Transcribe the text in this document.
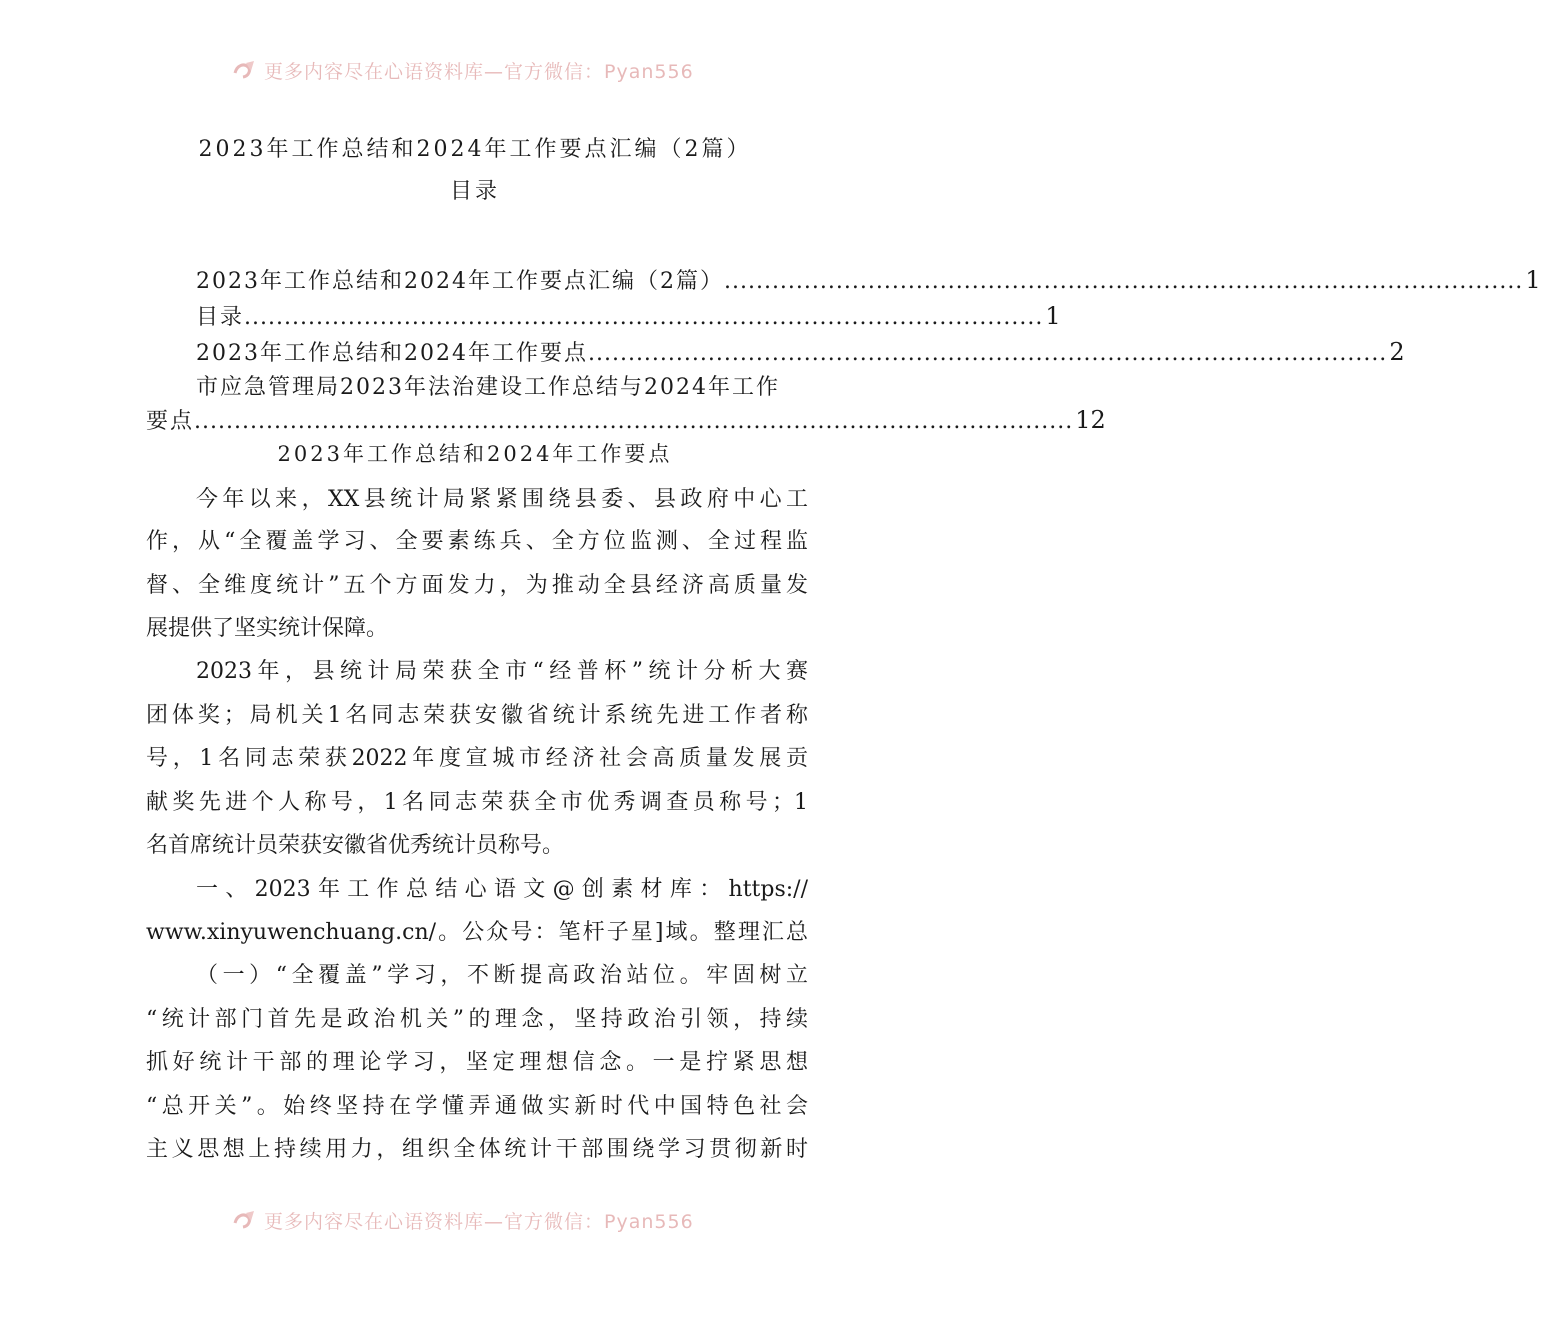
更多内容尽在心语资料库—官方微信：Pyan556
2023年工作总结和2024年工作要点汇编（2篇）
目录
2023年工作总结和2024年工作要点汇编（2篇） .................................................................................................... 1
目录 .................................................................................................... 1
2023年工作总结和2024年工作要点 .................................................................................................... 2
市应急管理局2023年法治建设工作总结与2024年工作
要点 .............................................................................................................. 12
2023年工作总结和2024年工作要点
今年以来，XX县统计局紧紧围绕县委、县政府中心工
作，从“全覆盖学习、全要素练兵、全方位监测、全过程监
督、全维度统计”五个方面发力，为推动全县经济高质量发
展提供了坚实统计保障。
2023年，县统计局荣获全市“经普杯”统计分析大赛
团体奖；局机关1名同志荣获安徽省统计系统先进工作者称
号，1名同志荣获2022年度宣城市经济社会高质量发展贡
献奖先进个人称号，1名同志荣获全市优秀调查员称号；1
名首席统计员荣获安徽省优秀统计员称号。
一、2023年工作总结心语文@创素材库：https://
www.xinyuwenchuang.cn/。公众号：笔杆子星]域。整理汇总
（一）“全覆盖”学习，不断提高政治站位。牢固树立
“统计部门首先是政治机关”的理念，坚持政治引领，持续
抓好统计干部的理论学习，坚定理想信念。一是拧紧思想
“总开关”。始终坚持在学懂弄通做实新时代中国特色社会
主义思想上持续用力，组织全体统计干部围绕学习贯彻新时
更多内容尽在心语资料库—官方微信：Pyan556
